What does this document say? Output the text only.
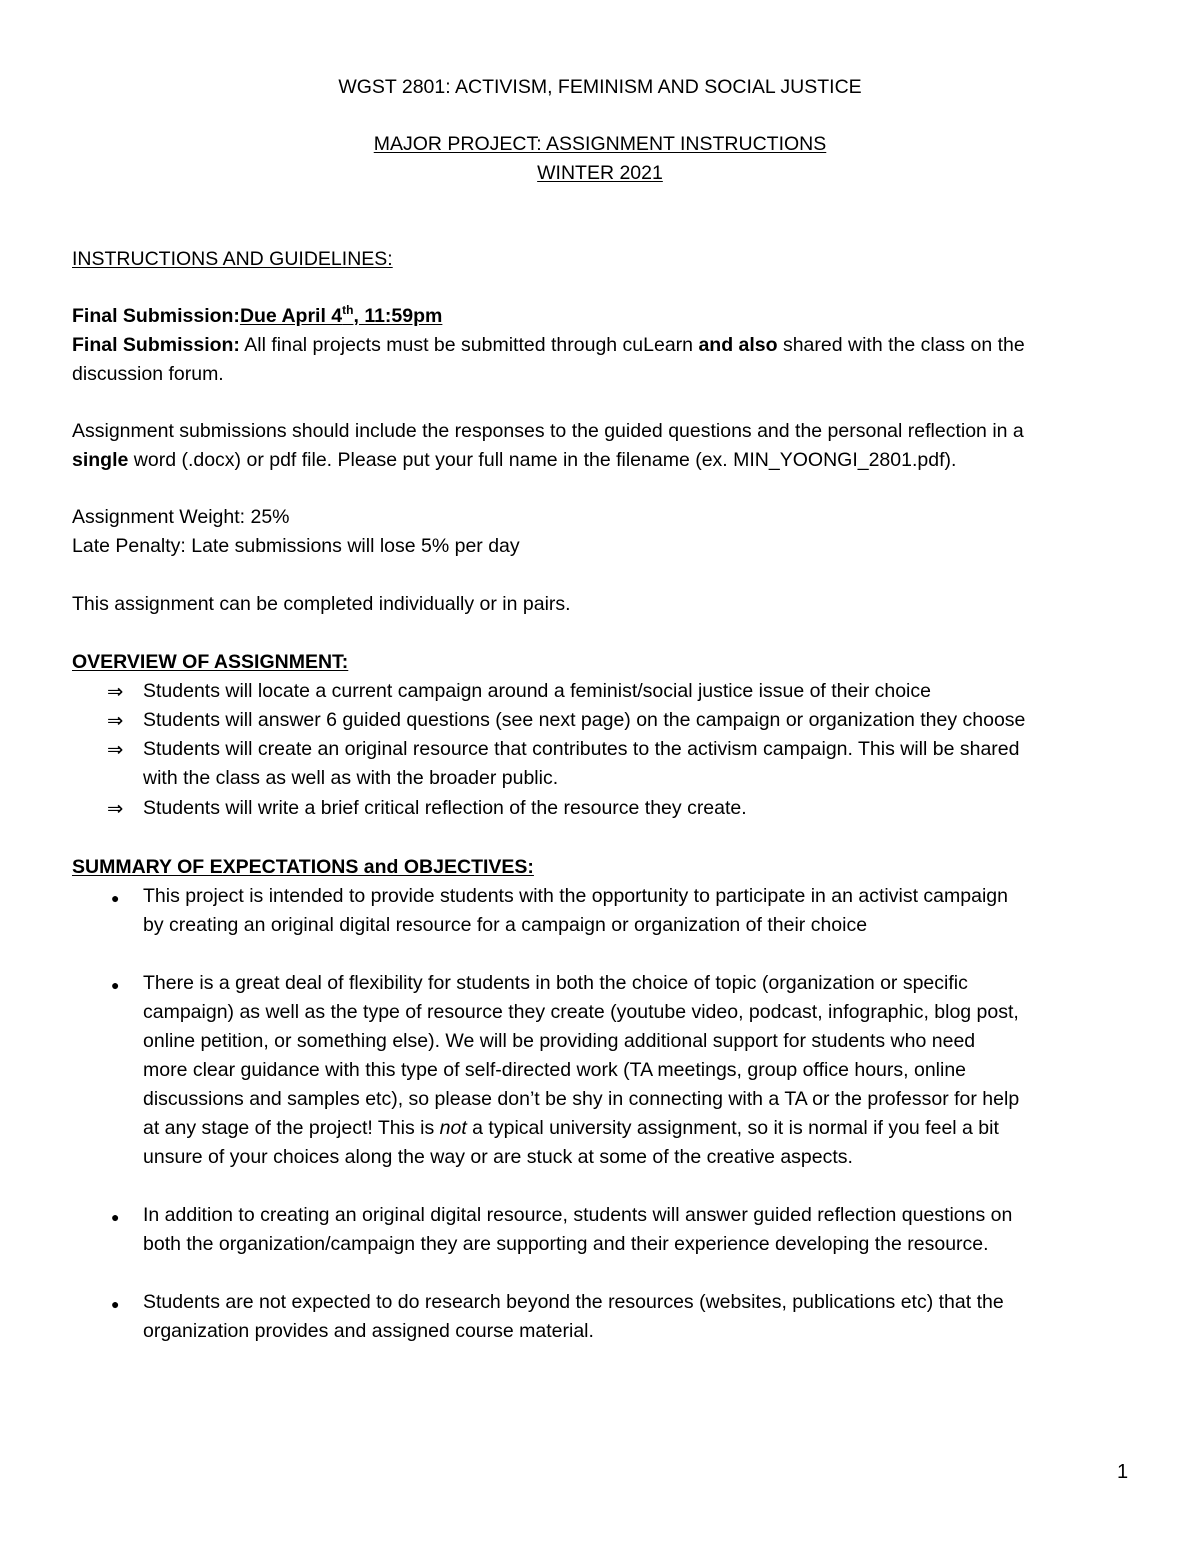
WGST 2801: ACTIVISM, FEMINISM AND SOCIAL JUSTICE
MAJOR PROJECT: ASSIGNMENT INSTRUCTIONS
WINTER 2021
INSTRUCTIONS AND GUIDELINES:
Final Submission:Due April 4th, 11:59pm
Final Submission: All final projects must be submitted through cuLearn and also shared with the class on the
discussion forum.
Assignment submissions should include the responses to the guided questions and the personal reflection in a
single word (.docx) or pdf file. Please put your full name in the filename (ex. MIN_YOONGI_2801.pdf).
Assignment Weight: 25%
Late Penalty: Late submissions will lose 5% per day
This assignment can be completed individually or in pairs.
OVERVIEW OF ASSIGNMENT:
⇒ Students will locate a current campaign around a feminist/social justice issue of their choice
⇒ Students will answer 6 guided questions (see next page) on the campaign or organization they choose
⇒ Students will create an original resource that contributes to the activism campaign. This will be shared
with the class as well as with the broader public.
⇒ Students will write a brief critical reflection of the resource they create.
SUMMARY OF EXPECTATIONS and OBJECTIVES:
● This project is intended to provide students with the opportunity to participate in an activist campaign
by creating an original digital resource for a campaign or organization of their choice
● There is a great deal of flexibility for students in both the choice of topic (organization or specific
campaign) as well as the type of resource they create (youtube video, podcast, infographic, blog post,
online petition, or something else). We will be providing additional support for students who need
more clear guidance with this type of self-directed work (TA meetings, group office hours, online
discussions and samples etc), so please don’t be shy in connecting with a TA or the professor for help
at any stage of the project! This is not a typical university assignment, so it is normal if you feel a bit
unsure of your choices along the way or are stuck at some of the creative aspects.
● In addition to creating an original digital resource, students will answer guided reflection questions on
both the organization/campaign they are supporting and their experience developing the resource.
● Students are not expected to do research beyond the resources (websites, publications etc) that the
organization provides and assigned course material.
1
